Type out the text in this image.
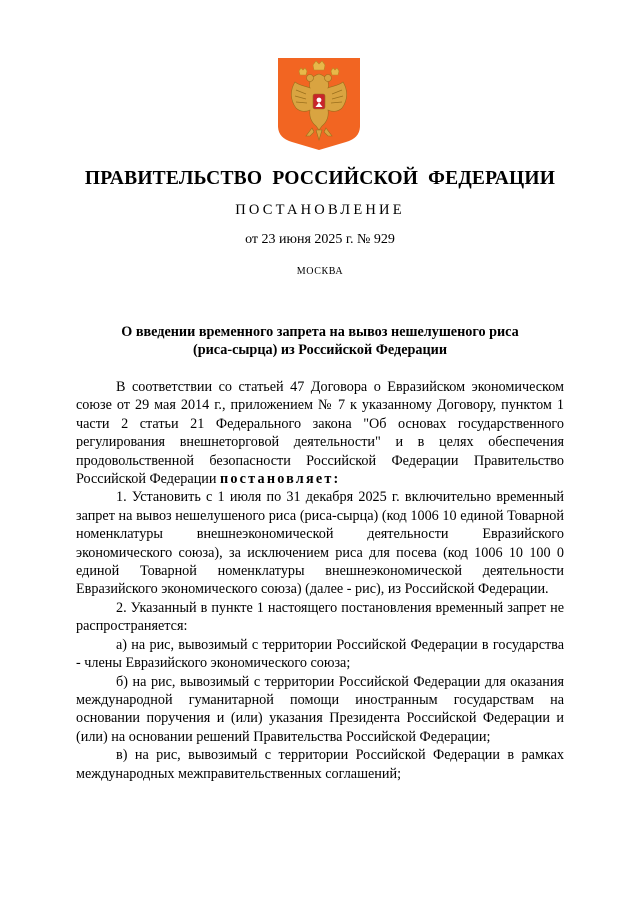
ПРАВИТЕЛЬСТВО РОССИЙСКОЙ ФЕДЕРАЦИИ
ПОСТАНОВЛЕНИЕ
от 23 июня 2025 г. № 929
МОСКВА
О введении временного запрета на вывоз нешелушеного риса
(риса-сырца) из Российской Федерации

В соответствии со статьей 47 Договора о Евразийском экономическом союзе от 29 мая 2014 г., приложением № 7 к указанному Договору, пунктом 1 части 2 статьи 21 Федерального закона "Об основах государственного регулирования внешнеторговой деятельности" и в целях обеспечения продовольственной безопасности Российской Федерации Правительство Российской Федерации постановляет:

1. Установить с 1 июля по 31 декабря 2025 г. включительно временный запрет на вывоз нешелушеного риса (риса-сырца) (код 1006 10 единой Товарной номенклатуры внешнеэкономической деятельности Евразийского экономического союза), за исключением риса для посева (код 1006 10 100 0 единой Товарной номенклатуры внешнеэкономической деятельности Евразийского экономического союза) (далее - рис), из Российской Федерации.

2. Указанный в пункте 1 настоящего постановления временный запрет не распространяется:

а) на рис, вывозимый с территории Российской Федерации в государства - члены Евразийского экономического союза;

б) на рис, вывозимый с территории Российской Федерации для оказания международной гуманитарной помощи иностранным государствам на основании поручения и (или) указания Президента Российской Федерации и (или) на основании решений Правительства Российской Федерации;

в) на рис, вывозимый с территории Российской Федерации в рамках международных межправительственных соглашений;
